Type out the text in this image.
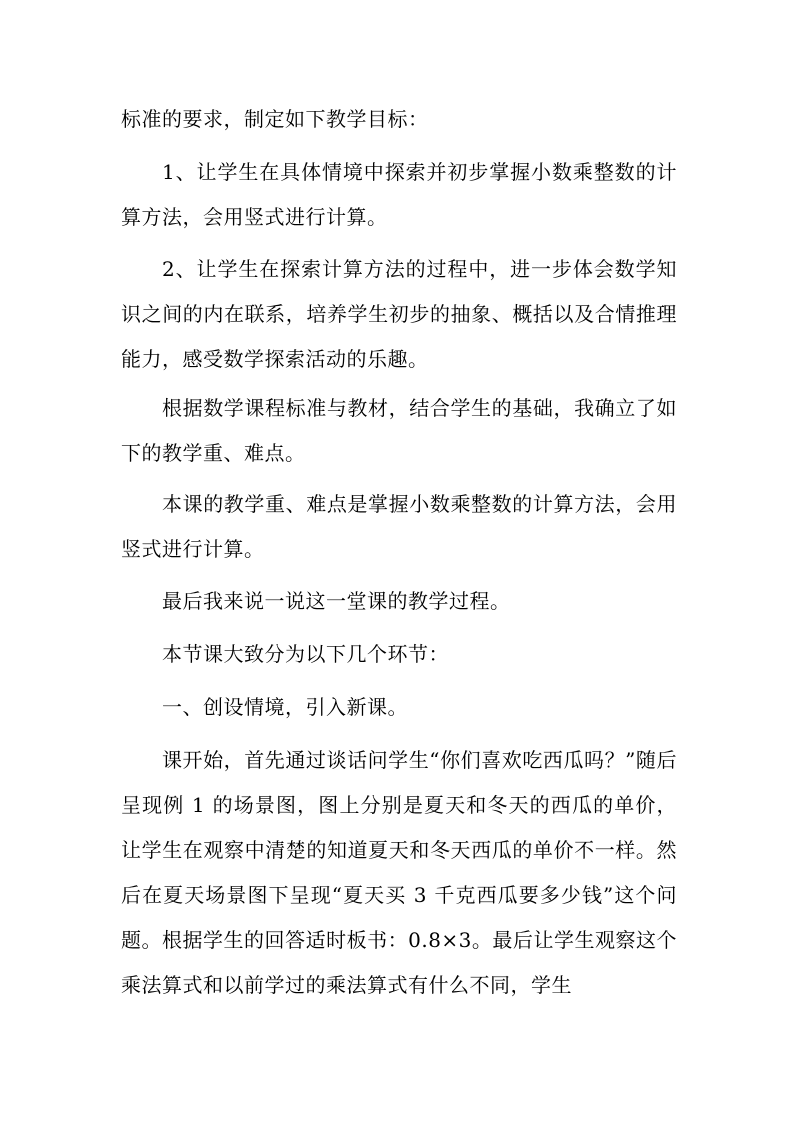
标准的要求，制定如下教学目标：

1、让学生在具体情境中探索并初步掌握小数乘整数的计算方法，会用竖式进行计算。

2、让学生在探索计算方法的过程中，进一步体会数学知识之间的内在联系，培养学生初步的抽象、概括以及合情推理能力，感受数学探索活动的乐趣。

根据数学课程标准与教材，结合学生的基础，我确立了如下的教学重、难点。

本课的教学重、难点是掌握小数乘整数的计算方法，会用竖式进行计算。

最后我来说一说这一堂课的教学过程。

本节课大致分为以下几个环节：

一、创设情境，引入新课。

课开始，首先通过谈话问学生“你们喜欢吃西瓜吗？”随后呈现例 1 的场景图，图上分别是夏天和冬天的西瓜的单价，让学生在观察中清楚的知道夏天和冬天西瓜的单价不一样。然后在夏天场景图下呈现“夏天买 3 千克西瓜要多少钱”这个问题。根据学生的回答适时板书：0.8×3。最后让学生观察这个乘法算式和以前学过的乘法算式有什么不同，学生
